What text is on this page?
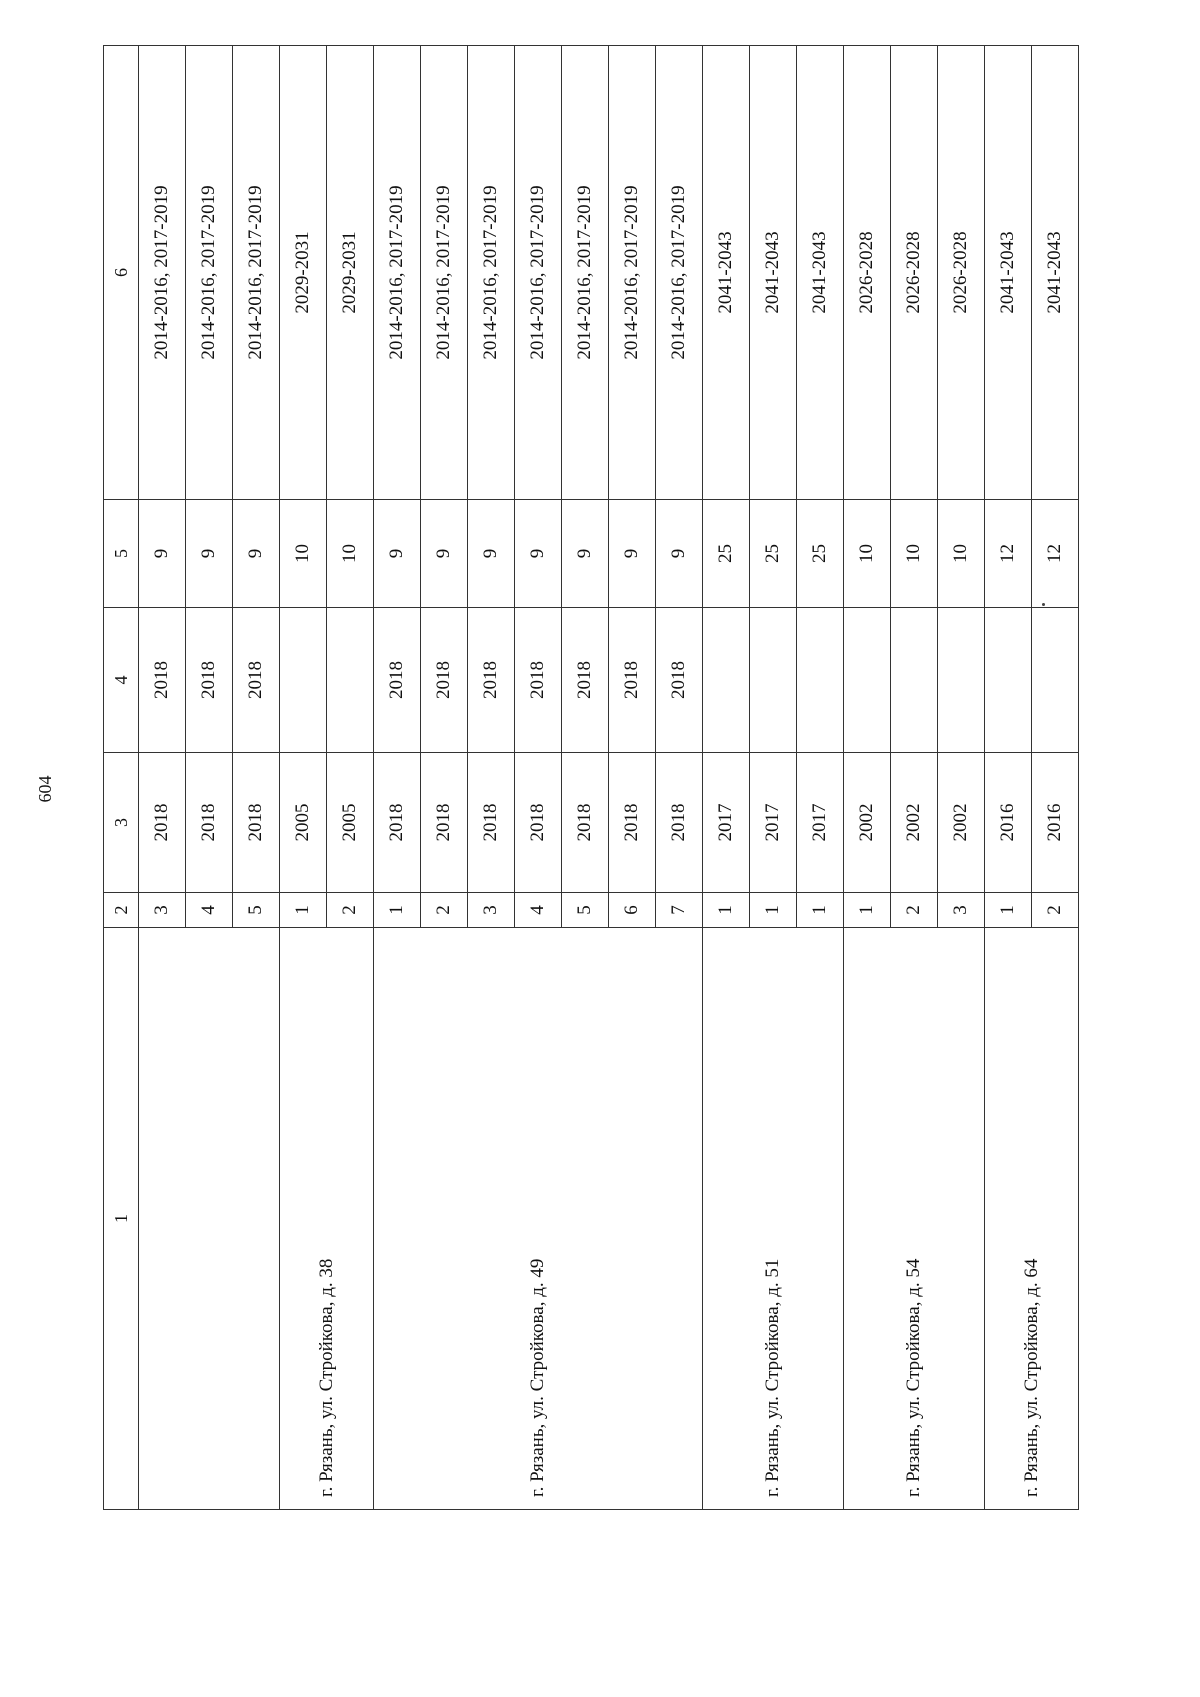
604
1	2	3	4	5	6
	3	2018	2018	9	2014-2016, 2017-2019
	4	2018	2018	9	2014-2016, 2017-2019
	5	2018	2018	9	2014-2016, 2017-2019
г. Рязань, ул. Стройкова, д. 38	1	2005		10	2029-2031
	2	2005		10	2029-2031
г. Рязань, ул. Стройкова, д. 49	1	2018	2018	9	2014-2016, 2017-2019
	2	2018	2018	9	2014-2016, 2017-2019
	3	2018	2018	9	2014-2016, 2017-2019
	4	2018	2018	9	2014-2016, 2017-2019
	5	2018	2018	9	2014-2016, 2017-2019
	6	2018	2018	9	2014-2016, 2017-2019
	7	2018	2018	9	2014-2016, 2017-2019
г. Рязань, ул. Стройкова, д. 51	1	2017		25	2041-2043
	1	2017		25	2041-2043
	1	2017		25	2041-2043
г. Рязань, ул. Стройкова, д. 54	1	2002		10	2026-2028
	2	2002		10	2026-2028
	3	2002		10	2026-2028
г. Рязань, ул. Стройкова, д. 64	1	2016		12	2041-2043
	2	2016		12	2041-2043
